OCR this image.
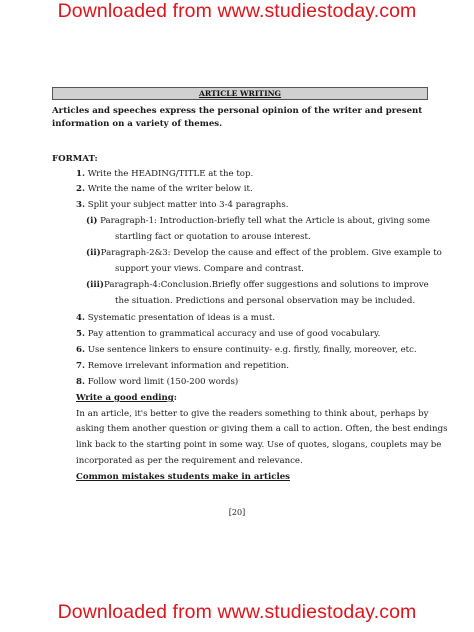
Downloaded from www.studiestoday.com
ARTICLE WRITING
Articles and speeches express the personal opinion of the writer and present
information on a variety of themes.
FORMAT:
1. Write the HEADING/TITLE at the top.
2. Write the name of the writer below it.
3. Split your subject matter into 3-4 paragraphs.
(i) Paragraph-1: Introduction-briefly tell what the Article is about, giving some
startling fact or quotation to arouse interest.
(ii)Paragraph-2&3: Develop the cause and effect of the problem. Give example to
support your views. Compare and contrast.
(iii)Paragraph-4:Conclusion.Briefly offer suggestions and solutions to improve
the situation. Predictions and personal observation may be included.
4. Systematic presentation of ideas is a must.
5. Pay attention to grammatical accuracy and use of good vocabulary.
6. Use sentence linkers to ensure continuity- e.g. firstly, finally, moreover, etc.
7. Remove irrelevant information and repetition.
8. Follow word limit (150-200 words)
Write a good ending:
In an article, it's better to give the readers something to think about, perhaps by
asking them another question or giving them a call to action. Often, the best endings
link back to the starting point in some way. Use of quotes, slogans, couplets may be
incorporated as per the requirement and relevance.
Common mistakes students make in articles
[20]
Downloaded from www.studiestoday.com
